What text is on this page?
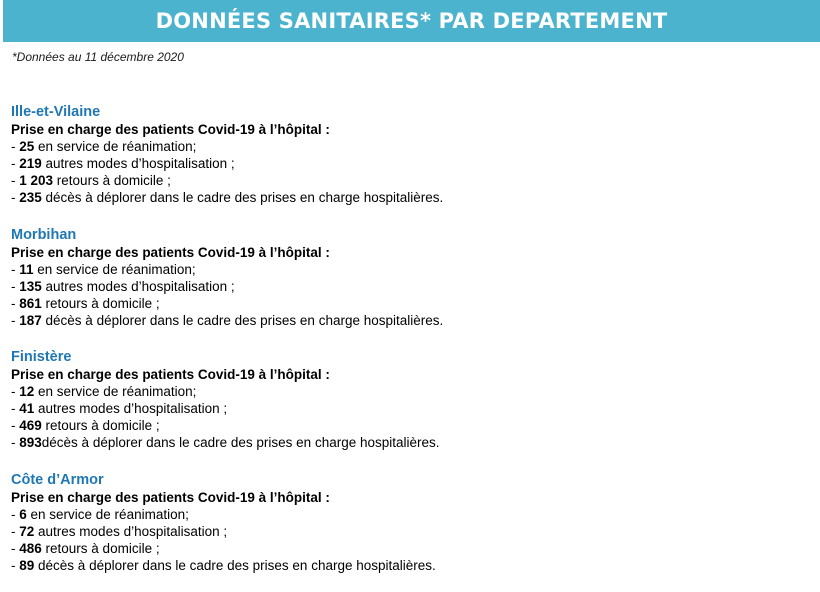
DONNÉES SANITAIRES* PAR DEPARTEMENT
*Données au 11 décembre 2020
Ille-et-Vilaine
Prise en charge des patients Covid-19 à l’hôpital :
- 25 en service de réanimation;
- 219 autres modes d’hospitalisation ;
- 1 203 retours à domicile ;
- 235 décès à déplorer dans le cadre des prises en charge hospitalières.
Morbihan
Prise en charge des patients Covid-19 à l’hôpital :
- 11 en service de réanimation;
- 135 autres modes d’hospitalisation ;
- 861 retours à domicile ;
- 187 décès à déplorer dans le cadre des prises en charge hospitalières.
Finistère
Prise en charge des patients Covid-19 à l’hôpital :
- 12 en service de réanimation;
- 41 autres modes d’hospitalisation ;
- 469 retours à domicile ;
- 893décès à déplorer dans le cadre des prises en charge hospitalières.
Côte d’Armor
Prise en charge des patients Covid-19 à l’hôpital :
- 6 en service de réanimation;
- 72 autres modes d’hospitalisation ;
- 486 retours à domicile ;
- 89 décès à déplorer dans le cadre des prises en charge hospitalières.
